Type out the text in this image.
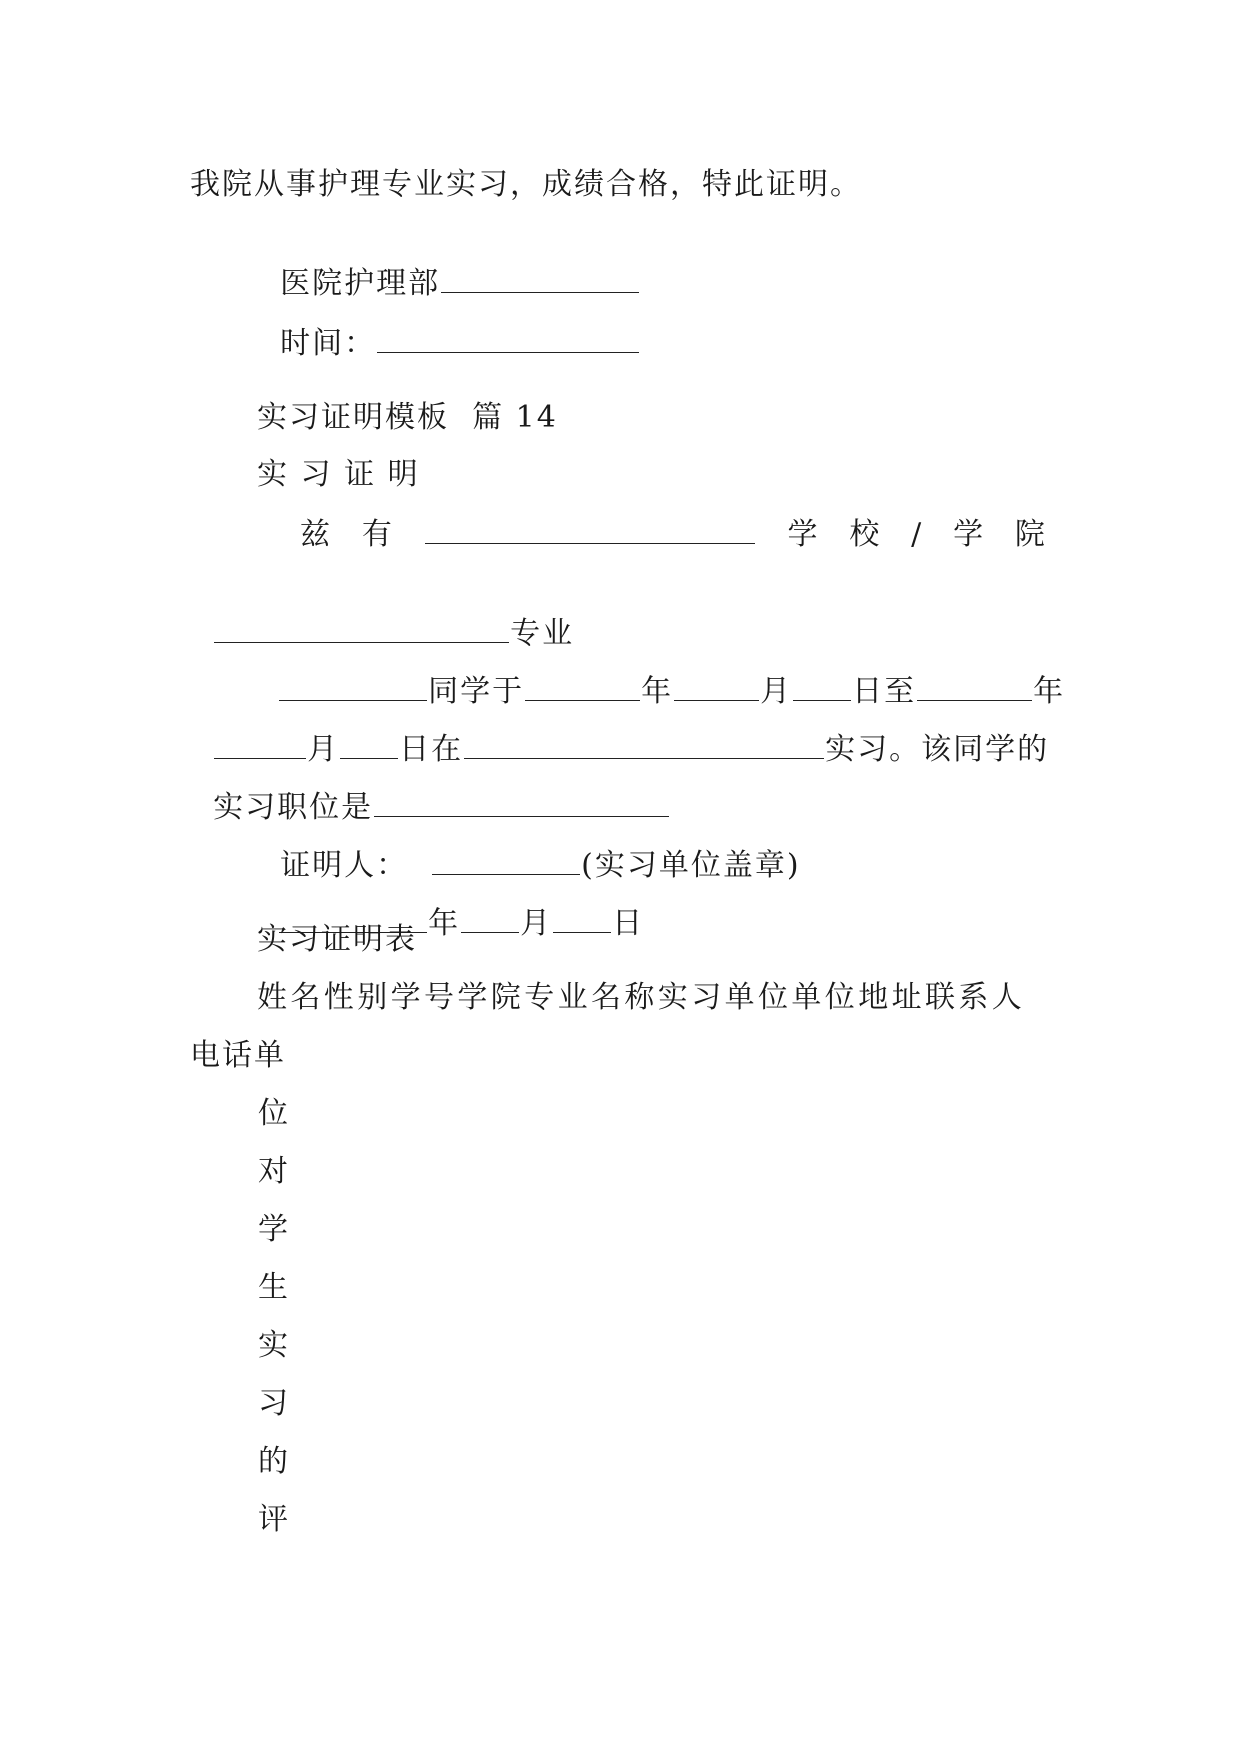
我院从事护理专业实习，成绩合格，特此证明。

医院护理部

时间：

实习证明模板  篇 14
实 习 证 明
兹 有	学 校 / 学 院

专业

同学于	年	月 日至	年

月 日在	实习。该同学的

实习职位是

证明人：	(实习单位盖章)

年 月 日

实习证明表
姓名性别学号学院专业名称实习单位单位地址联系人
电话单
位
对
学
生
实
习
的
评
